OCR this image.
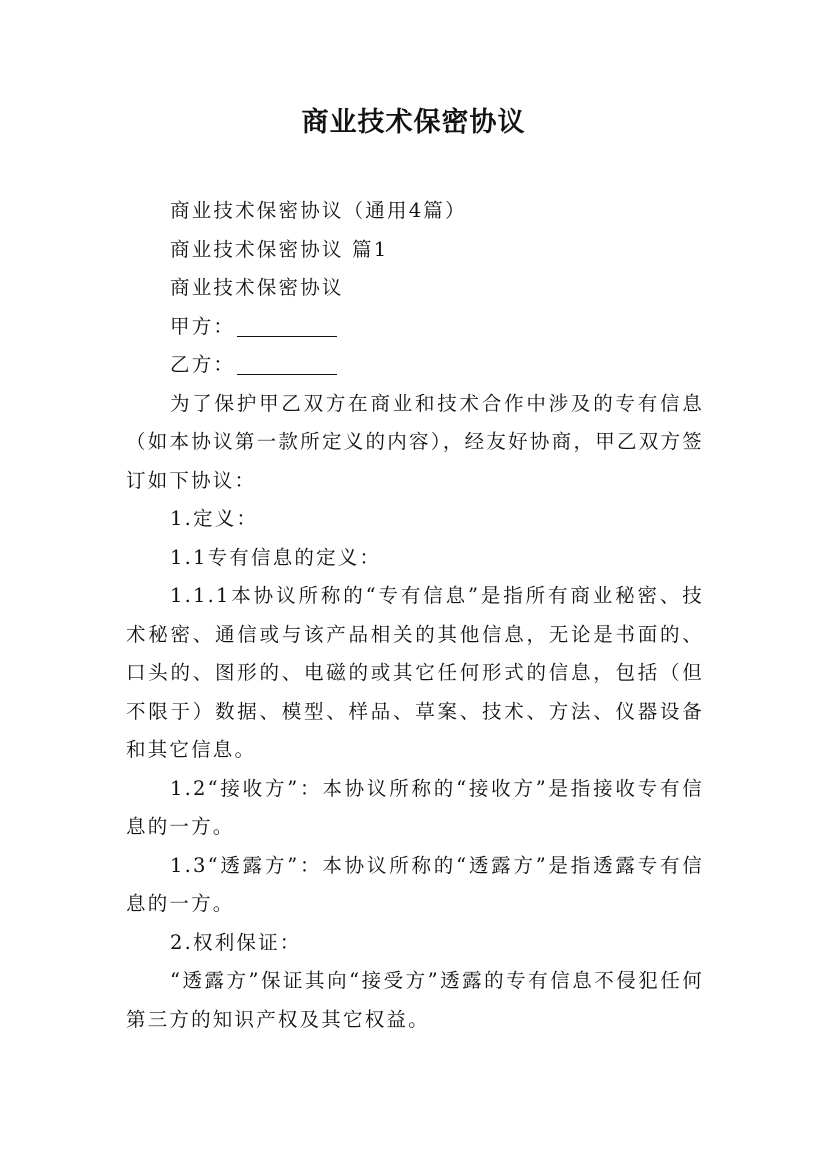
商业技术保密协议

商业技术保密协议（通用4篇）

商业技术保密协议 篇1

商业技术保密协议

甲方：

乙方：

为了保护甲乙双方在商业和技术合作中涉及的专有信息（如本协议第一款所定义的内容），经友好协商，甲乙双方签订如下协议：

1.定义：

1.1专有信息的定义：

1.1.1本协议所称的“专有信息”是指所有商业秘密、技术秘密、通信或与该产品相关的其他信息，无论是书面的、口头的、图形的、电磁的或其它任何形式的信息，包括（但不限于）数据、模型、样品、草案、技术、方法、仪器设备和其它信息。

1.2“接收方”：本协议所称的“接收方”是指接收专有信息的一方。

1.3“透露方”：本协议所称的“透露方”是指透露专有信息的一方。

2.权利保证：

“透露方”保证其向“接受方”透露的专有信息不侵犯任何第三方的知识产权及其它权益。
